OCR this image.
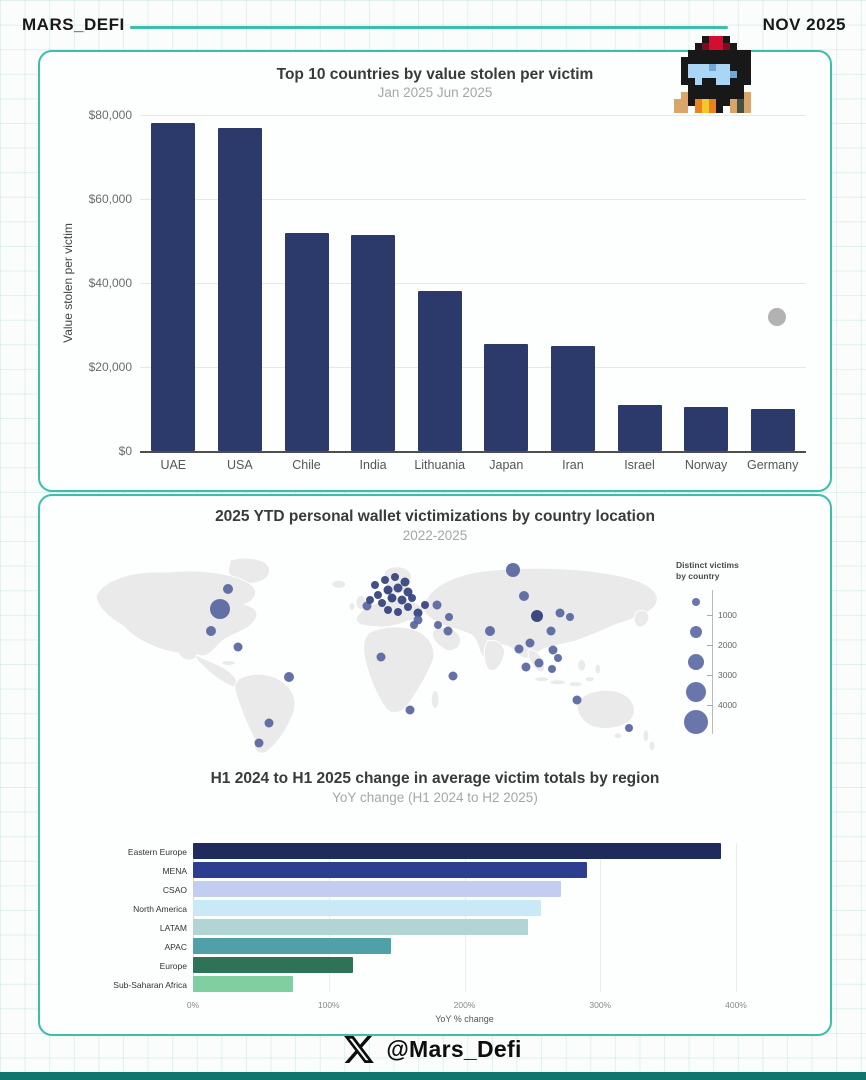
MARS_DEFI	NOV 2025
Top 10 countries by value stolen per victim
Jan 2025 Jun 2025
Value stolen per victim
$0
$20,000
$40,000
$60,000
$80,000
UAE	USA	Chile	India	Lithuania	Japan	Iran	Israel	Norway	Germany
2025 YTD personal wallet victimizations by country location
2022-2025
H1 2024 to H1 2025 change in average victim totals by region
YoY change (H1 2024 to H2 2025)
Distinct victims
by country
1000
2000
3000
4000
Eastern Europe
MENA
CSAO
North America
LATAM
APAC
Europe
Sub-Saharan Africa
0%	100%	200%	300%	400%
YoY % change
@Mars_Defi
